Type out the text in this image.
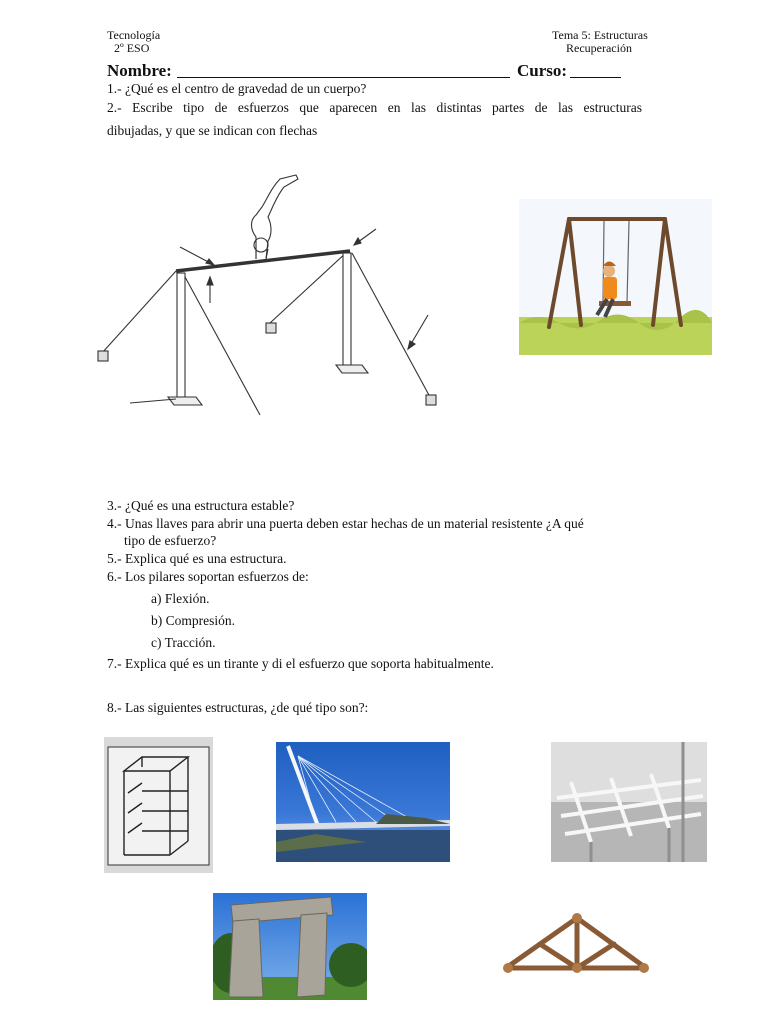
Tecnología
2º ESO
Tema 5: Estructuras
Recuperación
Nombre:	Curso:
1.- ¿Qué es el centro de gravedad de un cuerpo?
2.- Escribe tipo de esfuerzos que aparecen en las distintas partes de las estructuras
dibujadas, y que se indican con flechas
3.- ¿Qué es una estructura estable?
4.- Unas llaves para abrir una puerta deben estar hechas de un material resistente ¿A qué
tipo de esfuerzo?
5.- Explica qué es una estructura.
6.- Los pilares soportan esfuerzos de:
a) Flexión.
b) Compresión.
c) Tracción.
7.- Explica qué es un tirante y di el esfuerzo que soporta habitualmente.
8.- Las siguientes estructuras, ¿de qué tipo son?:
